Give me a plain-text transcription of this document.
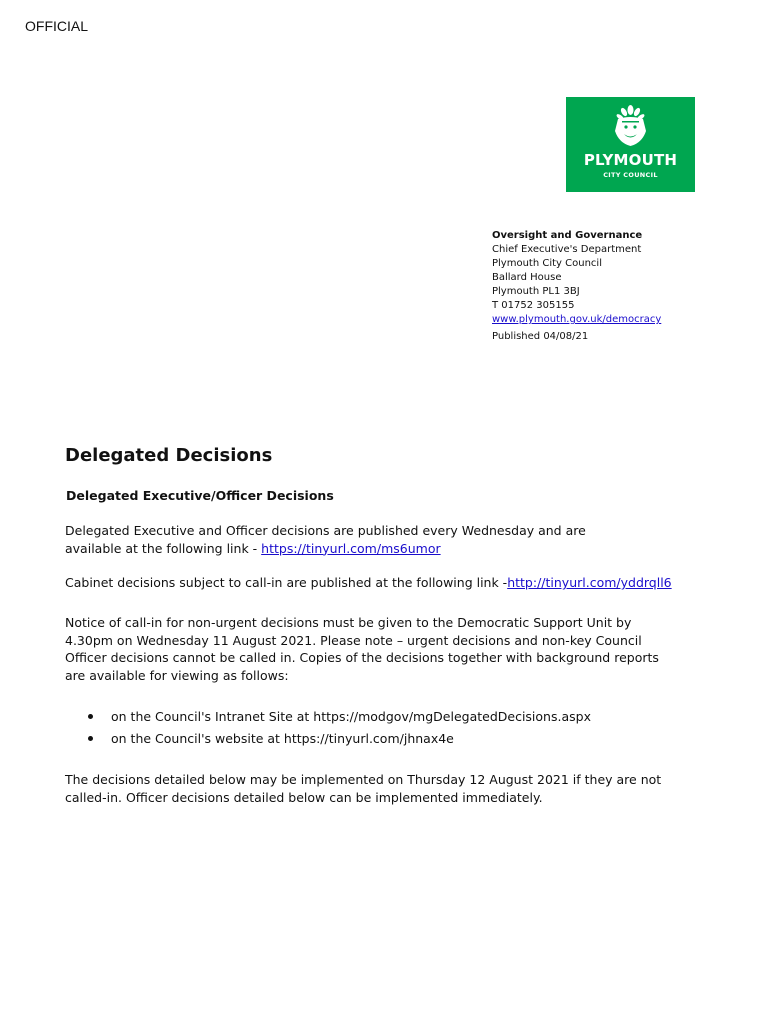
OFFICIAL
PLYMOUTH
CITY COUNCIL
Oversight and Governance
Chief Executive's Department
Plymouth City Council
Ballard House
Plymouth PL1 3BJ
T 01752 305155
www.plymouth.gov.uk/democracy
Published 04/08/21
Delegated Decisions
Delegated Executive/Officer Decisions
Delegated Executive and Officer decisions are published every Wednesday and are
available at the following link - https://tinyurl.com/ms6umor
Cabinet decisions subject to call-in are published at the following link -http://tinyurl.com/yddrqll6
Notice of call-in for non-urgent decisions must be given to the Democratic Support Unit by
4.30pm on Wednesday 11 August 2021. Please note – urgent decisions and non-key Council
Officer decisions cannot be called in. Copies of the decisions together with background reports
are available for viewing as follows:
on the Council's Intranet Site at https://modgov/mgDelegatedDecisions.aspx
on the Council's website at https://tinyurl.com/jhnax4e
The decisions detailed below may be implemented on Thursday 12 August 2021 if they are not
called-in. Officer decisions detailed below can be implemented immediately.
